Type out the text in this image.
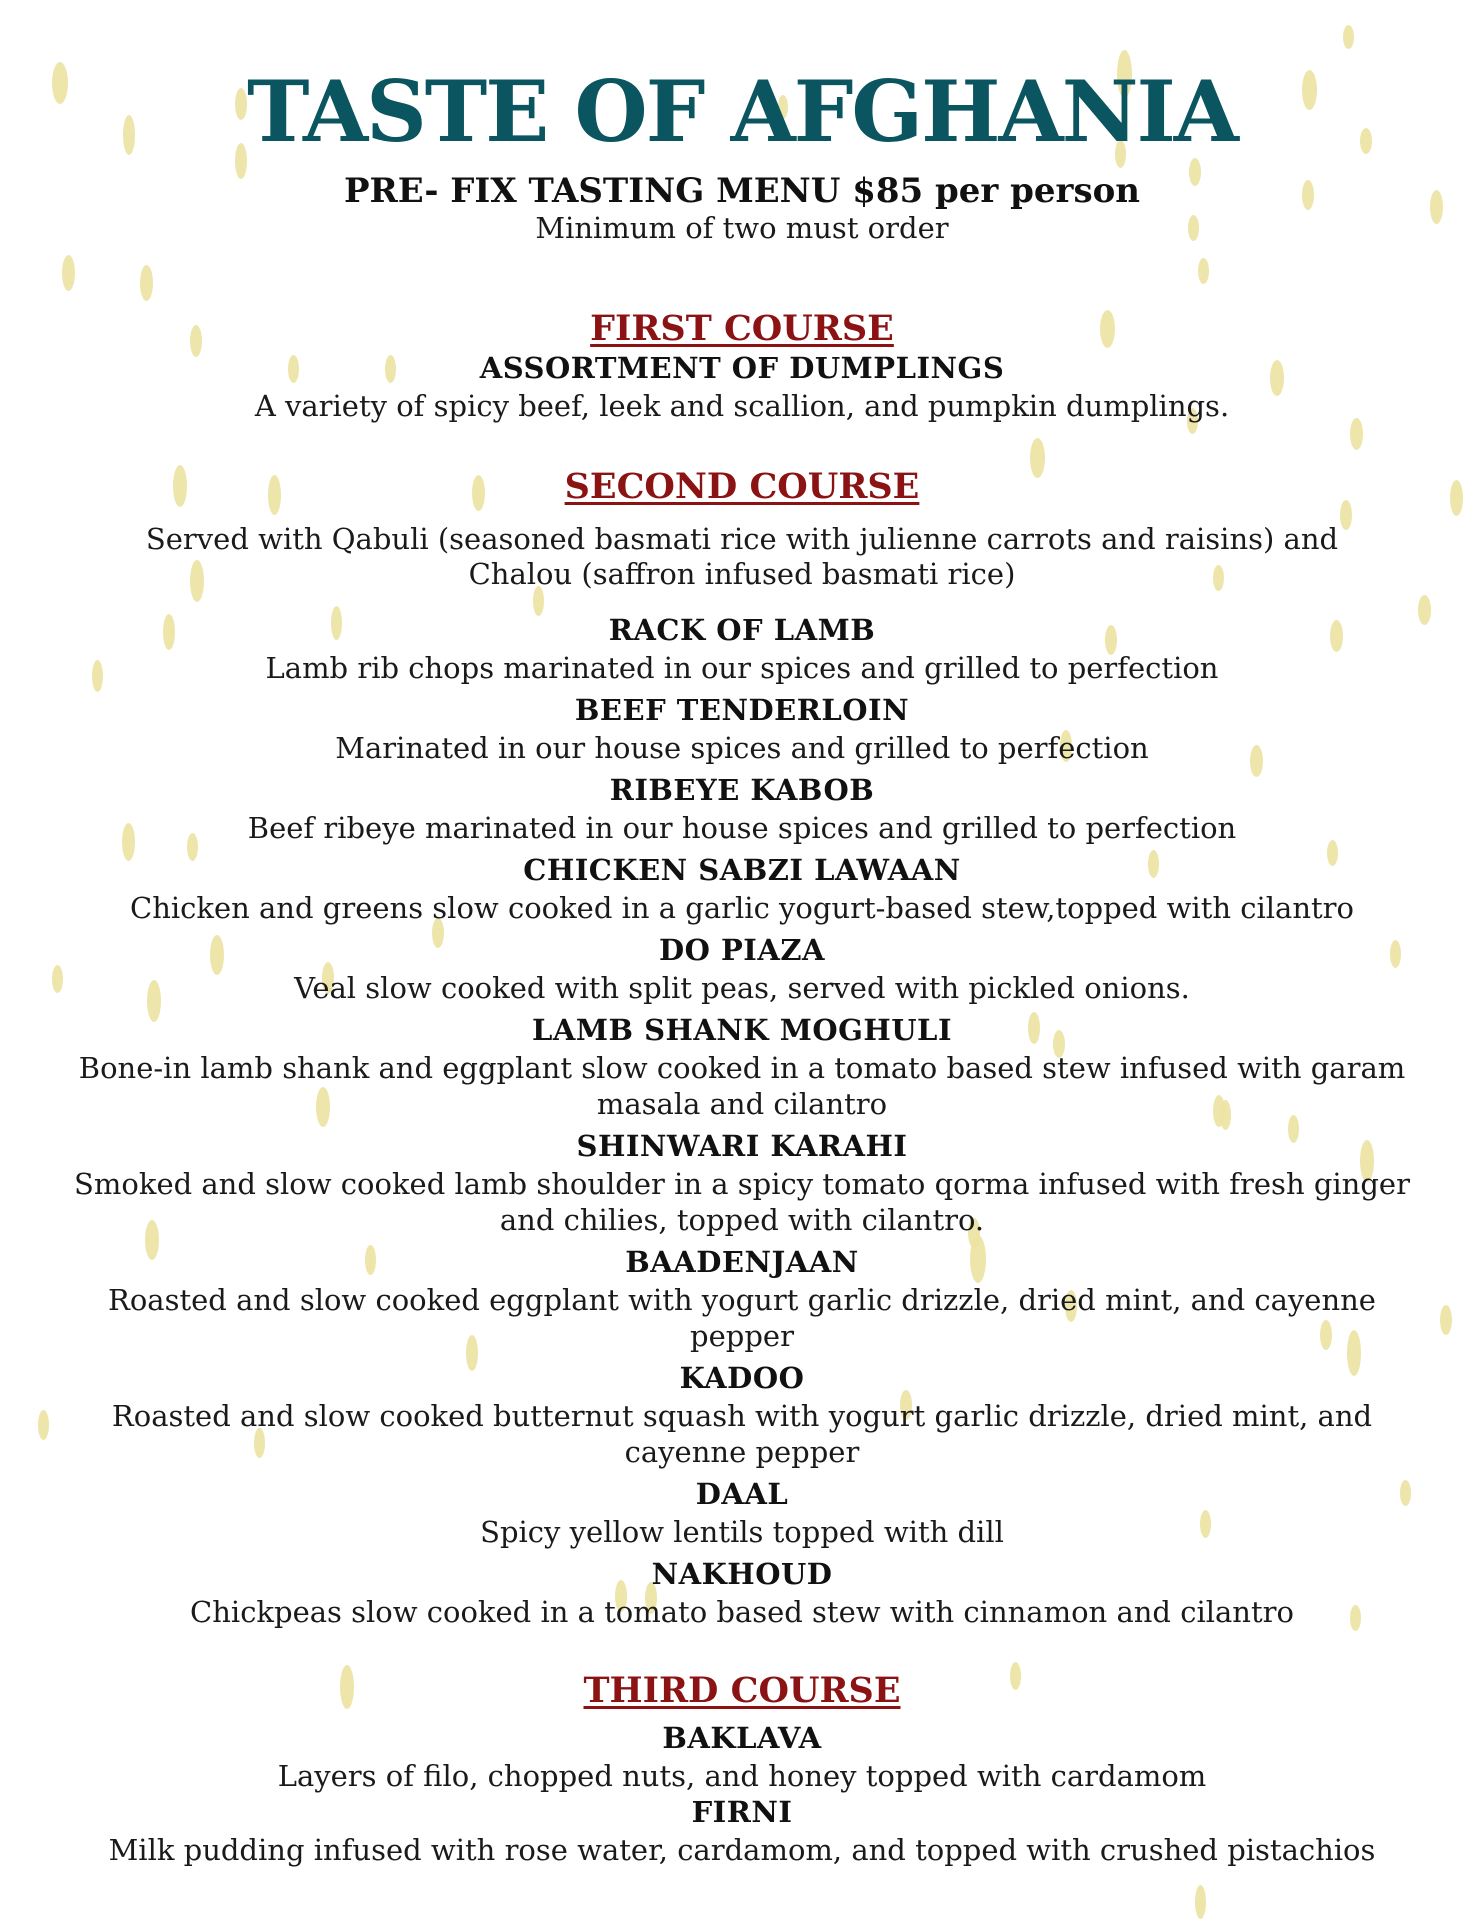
TASTE OF AFGHANIA
PRE- FIX TASTING MENU $85 per person
Minimum of two must order
FIRST COURSE
ASSORTMENT OF DUMPLINGS
A variety of spicy beef, leek and scallion, and pumpkin dumplings.
SECOND COURSE
Served with Qabuli (seasoned basmati rice with julienne carrots and raisins) and Chalou (saffron infused basmati rice)
RACK OF LAMB
Lamb rib chops marinated in our spices and grilled to perfection
BEEF TENDERLOIN
Marinated in our house spices and grilled to perfection
RIBEYE KABOB
Beef ribeye marinated in our house spices and grilled to perfection
CHICKEN SABZI LAWAAN
Chicken and greens slow cooked in a garlic yogurt-based stew,topped with cilantro
DO PIAZA
Veal slow cooked with split peas, served with pickled onions.
LAMB SHANK MOGHULI
Bone-in lamb shank and eggplant slow cooked in a tomato based stew infused with garam masala and cilantro
SHINWARI KARAHI
Smoked and slow cooked lamb shoulder in a spicy tomato qorma infused with fresh ginger and chilies, topped with cilantro.
BAADENJAAN
Roasted and slow cooked eggplant with yogurt garlic drizzle, dried mint, and cayenne pepper
KADOO
Roasted and slow cooked butternut squash with yogurt garlic drizzle, dried mint, and cayenne pepper
DAAL
Spicy yellow lentils topped with dill
NAKHOUD
Chickpeas slow cooked in a tomato based stew with cinnamon and cilantro
THIRD COURSE
BAKLAVA
Layers of filo, chopped nuts, and honey topped with cardamom
FIRNI
Milk pudding infused with rose water, cardamom, and topped with crushed pistachios
